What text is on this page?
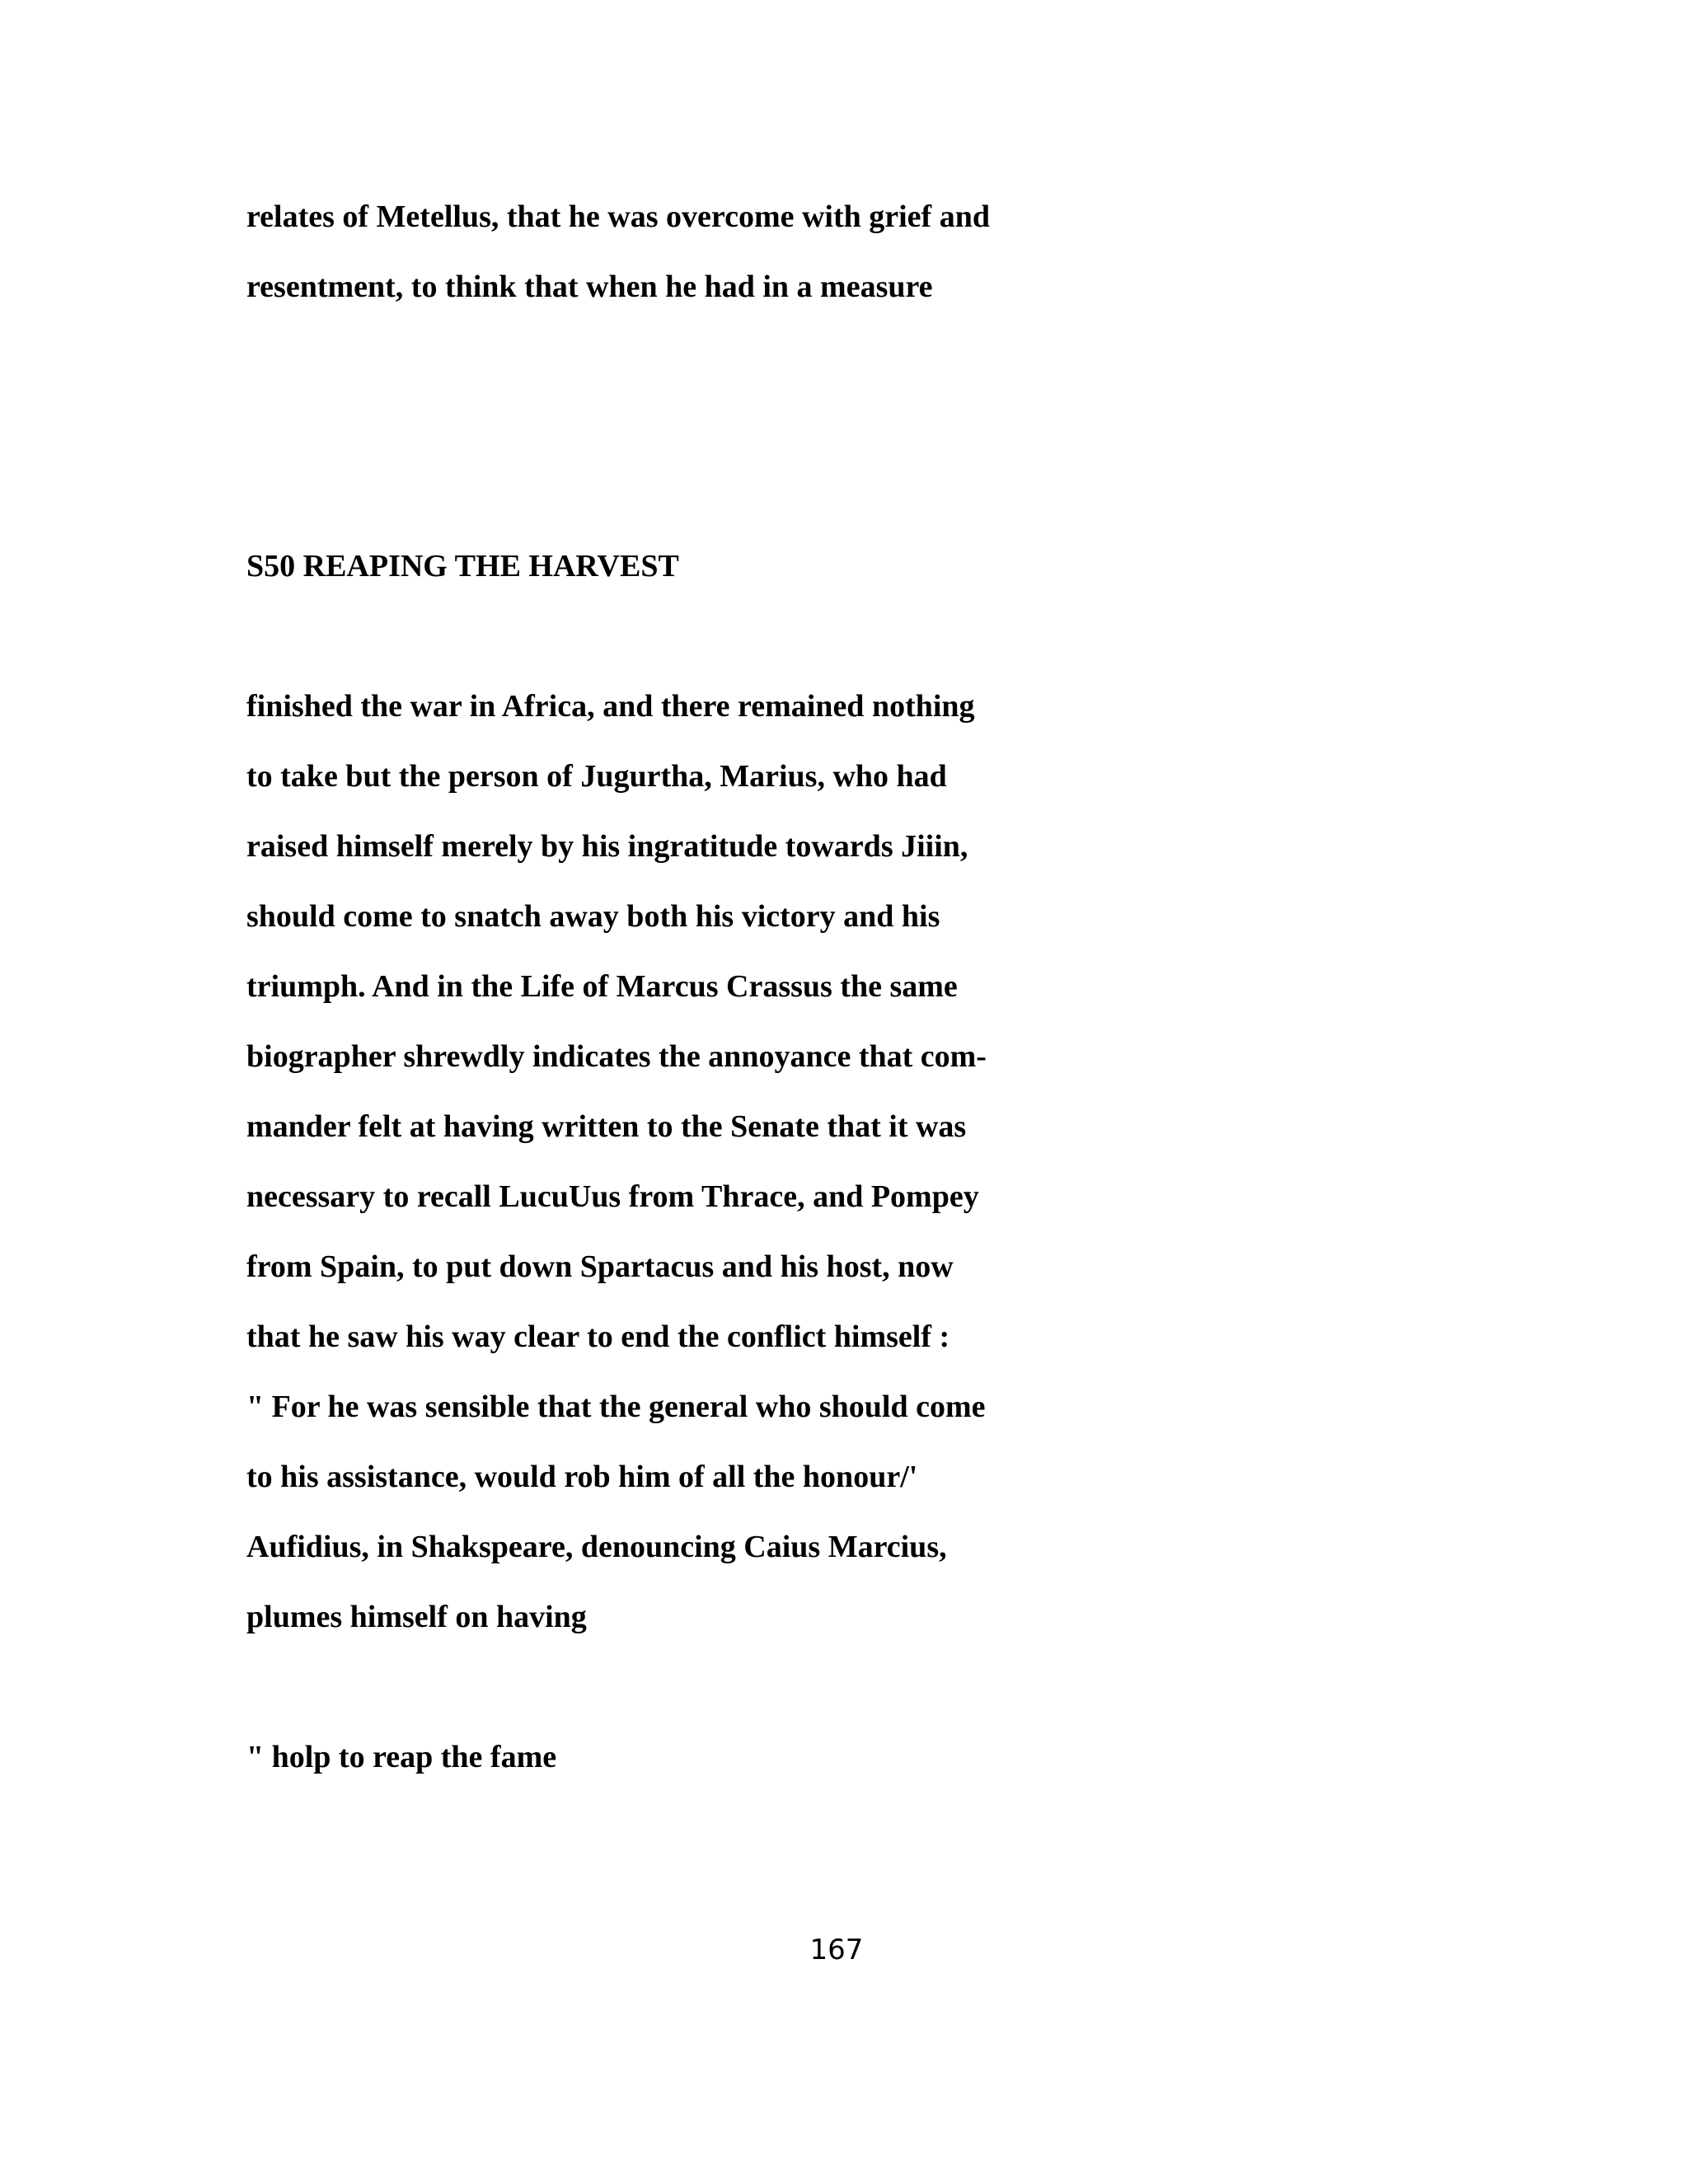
relates of Metellus, that he was overcome with grief and
resentment, to think that when he had in a measure
S50 REAPING THE HARVEST
finished the war in Africa, and there remained nothing
to take but the person of Jugurtha, Marius, who had
raised himself merely by his ingratitude towards Jiiin,
should come to snatch away both his victory and his
triumph. And in the Life of Marcus Crassus the same
biographer shrewdly indicates the annoyance that com-
mander felt at having written to the Senate that it was
necessary to recall LucuUus from Thrace, and Pompey
from Spain, to put down Spartacus and his host, now
that he saw his way clear to end the conflict himself :
" For he was sensible that the general who should come
to his assistance, would rob him of all the honour/'
Aufidius, in Shakspeare, denouncing Caius Marcius,
plumes himself on having
" holp to reap the fame
167
